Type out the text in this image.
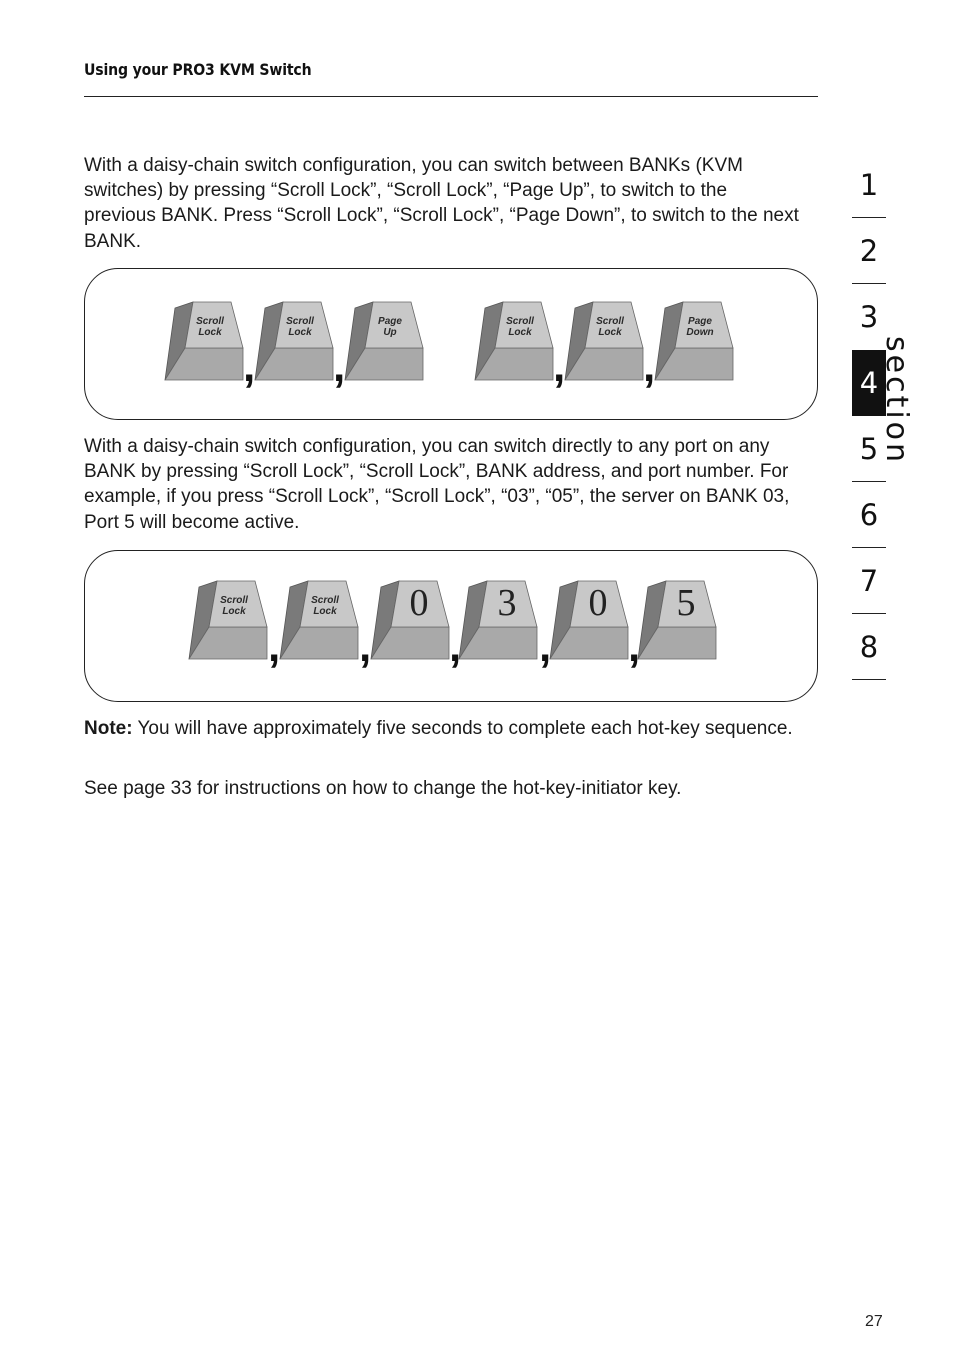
Using your PRO3 KVM Switch

With a daisy-chain switch configuration, you can switch between BANKs (KVM switches) by pressing “Scroll Lock”, “Scroll Lock”, “Page Up”, to switch to the previous BANK. Press “Scroll Lock”, “Scroll Lock”, “Page Down”, to switch to the next BANK.

Scroll
Lock
Scroll
Lock
Page
Up
Scroll
Lock
Scroll
Lock
Page
Down
, ,	, ,

With a daisy-chain switch configuration, you can switch directly to any port on any BANK by pressing “Scroll Lock”, “Scroll Lock”, BANK address, and port number. For example, if you press “Scroll Lock”, “Scroll Lock”, “03”, “05”, the server on BANK 03, Port 5 will become active.

Scroll
Lock
Scroll
Lock 0 3 0 5
, , , , ,

Note: You will have approximately five seconds to complete each hot-key sequence.

See page 33 for instructions on how to change the hot-key-initiator key.

1
2
3
4
5
6
7
8
section
27
